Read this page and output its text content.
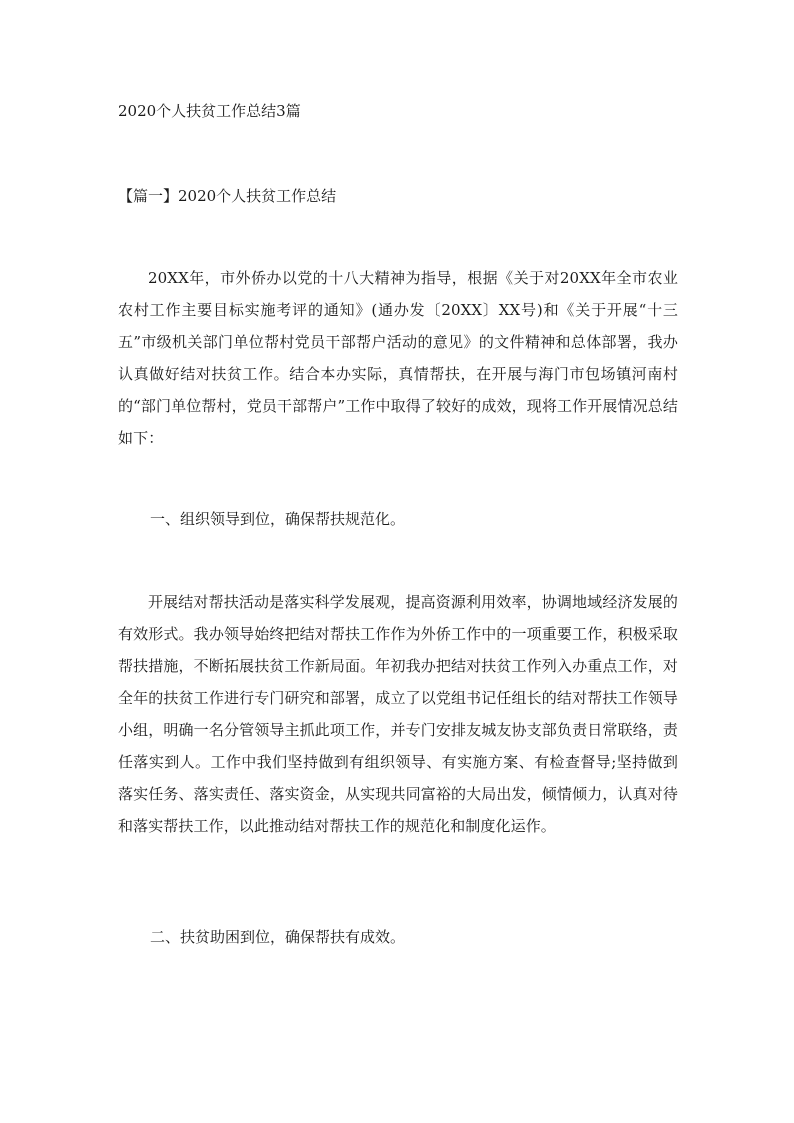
2020个人扶贫工作总结3篇
【篇一】2020个人扶贫工作总结
20XX年，市外侨办以党的十八大精神为指导，根据《关于对20XX年全市农业农村工作主要目标实施考评的通知》(通办发〔20XX〕XX号)和《关于开展“十三五”市级机关部门单位帮村党员干部帮户活动的意见》的文件精神和总体部署，我办认真做好结对扶贫工作。结合本办实际，真情帮扶，在开展与海门市包场镇河南村的“部门单位帮村，党员干部帮户”工作中取得了较好的成效，现将工作开展情况总结如下：
一、组织领导到位，确保帮扶规范化。
开展结对帮扶活动是落实科学发展观，提高资源利用效率，协调地域经济发展的有效形式。我办领导始终把结对帮扶工作作为外侨工作中的一项重要工作，积极采取帮扶措施，不断拓展扶贫工作新局面。年初我办把结对扶贫工作列入办重点工作，对全年的扶贫工作进行专门研究和部署，成立了以党组书记任组长的结对帮扶工作领导小组，明确一名分管领导主抓此项工作，并专门安排友城友协支部负责日常联络，责任落实到人。工作中我们坚持做到有组织领导、有实施方案、有检查督导;坚持做到落实任务、落实责任、落实资金，从实现共同富裕的大局出发，倾情倾力，认真对待和落实帮扶工作，以此推动结对帮扶工作的规范化和制度化运作。
二、扶贫助困到位，确保帮扶有成效。
